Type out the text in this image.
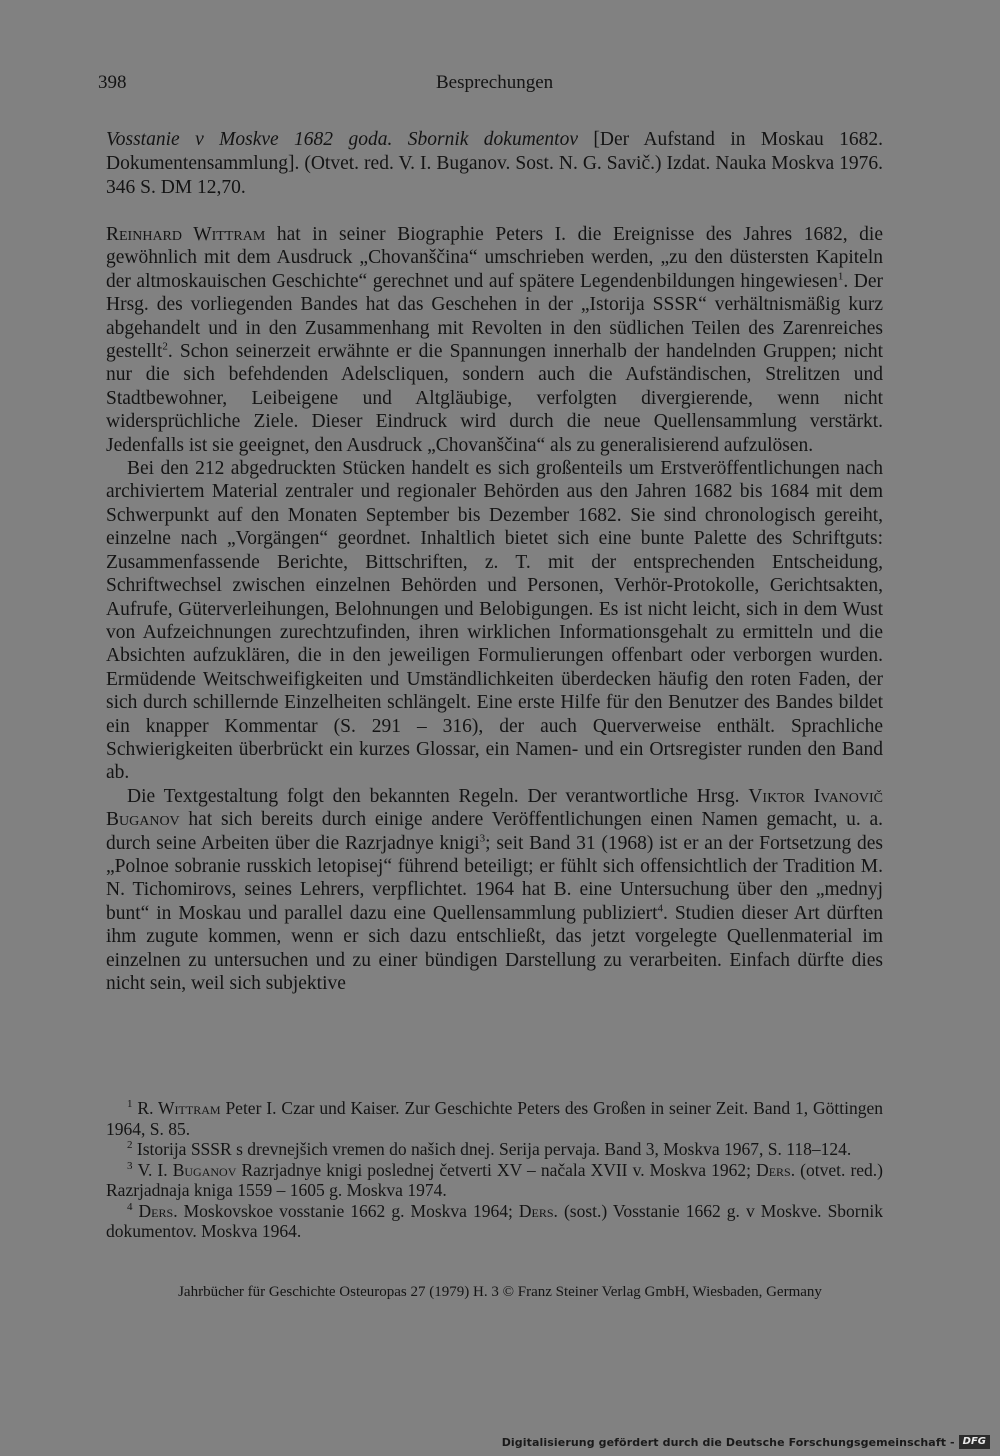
398	Besprechungen
Vosstanie v Moskve 1682 goda. Sbornik dokumentov [Der Aufstand in Moskau 1682. Dokumentensammlung]. (Otvet. red. V. I. Buganov. Sost. N. G. Savič.) Izdat. Nauka Moskva 1976. 346 S. DM 12,70.

Reinhard Wittram hat in seiner Biographie Peters I. die Ereignisse des Jahres 1682, die gewöhnlich mit dem Ausdruck „Chovanščina“ umschrieben werden, „zu den düstersten Kapiteln der altmoskauischen Geschichte“ gerechnet und auf spätere Legendenbildungen hingewiesen$^1$. Der Hrsg. des vorliegenden Bandes hat das Geschehen in der „Istorija SSSR“ verhältnismäßig kurz abgehandelt und in den Zusammenhang mit Revolten in den südlichen Teilen des Zarenreiches gestellt$^2$. Schon seinerzeit erwähnte er die Spannungen innerhalb der handelnden Gruppen; nicht nur die sich befehdenden Adelscliquen, sondern auch die Aufständischen, Strelitzen und Stadtbewohner, Leibeigene und Altgläubige, verfolgten divergierende, wenn nicht widersprüchliche Ziele. Dieser Eindruck wird durch die neue Quellensammlung verstärkt. Jedenfalls ist sie geeignet, den Ausdruck „Chovanščina“ als zu generalisierend aufzulösen.

Bei den 212 abgedruckten Stücken handelt es sich großenteils um Erstveröffentlichungen nach archiviertem Material zentraler und regionaler Behörden aus den Jahren 1682 bis 1684 mit dem Schwerpunkt auf den Monaten September bis Dezember 1682. Sie sind chronologisch gereiht, einzelne nach „Vorgängen“ geordnet. Inhaltlich bietet sich eine bunte Palette des Schriftguts: Zusammenfassende Berichte, Bittschriften, z. T. mit der entsprechenden Entscheidung, Schriftwechsel zwischen einzelnen Behörden und Personen, Verhör-Protokolle, Gerichtsakten, Aufrufe, Güterverleihungen, Belohnungen und Belobigungen. Es ist nicht leicht, sich in dem Wust von Aufzeichnungen zurechtzufinden, ihren wirklichen Informationsgehalt zu ermitteln und die Absichten aufzuklären, die in den jeweiligen Formulierungen offenbart oder verborgen wurden. Ermüdende Weitschweifigkeiten und Umständlichkeiten überdecken häufig den roten Faden, der sich durch schillernde Einzelheiten schlängelt. Eine erste Hilfe für den Benutzer des Bandes bildet ein knapper Kommentar (S. 291 – 316), der auch Querverweise enthält. Sprachliche Schwierigkeiten überbrückt ein kurzes Glossar, ein Namen- und ein Ortsregister runden den Band ab.

Die Textgestaltung folgt den bekannten Regeln. Der verantwortliche Hrsg. Viktor Ivanovič Buganov hat sich bereits durch einige andere Veröffentlichungen einen Namen gemacht, u. a. durch seine Arbeiten über die Razrjadnye knigi$^3$; seit Band 31 (1968) ist er an der Fortsetzung des „Polnoe sobranie russkich letopisej“ führend beteiligt; er fühlt sich offensichtlich der Tradition M. N. Tichomirovs, seines Lehrers, verpflichtet. 1964 hat B. eine Untersuchung über den „mednyj bunt“ in Moskau und parallel dazu eine Quellensammlung publiziert$^4$. Studien dieser Art dürften ihm zugute kommen, wenn er sich dazu entschließt, das jetzt vorgelegte Quellenmaterial im einzelnen zu untersuchen und zu einer bündigen Darstellung zu verarbeiten. Einfach dürfte dies nicht sein, weil sich subjektive

$^1$ R. Wittram Peter I. Czar und Kaiser. Zur Geschichte Peters des Großen in seiner Zeit. Band 1, Göttingen 1964, S. 85.

$^2$ Istorija SSSR s drevnejšich vremen do našich dnej. Serija pervaja. Band 3, Moskva 1967, S. 118–124.

$^3$ V. I. Buganov Razrjadnye knigi poslednej četverti XV – načala XVII v. Moskva 1962; Ders. (otvet. red.) Razrjadnaja kniga 1559 – 1605 g. Moskva 1974.

$^4$ Ders. Moskovskoe vosstanie 1662 g. Moskva 1964; Ders. (sost.) Vosstanie 1662 g. v Moskve. Sbornik dokumentov. Moskva 1964.

Jahrbücher für Geschichte Osteuropas 27 (1979) H. 3 © Franz Steiner Verlag GmbH, Wiesbaden, Germany
Digitalisierung gefördert durch die Deutsche Forschungsgemeinschaft - DFG
